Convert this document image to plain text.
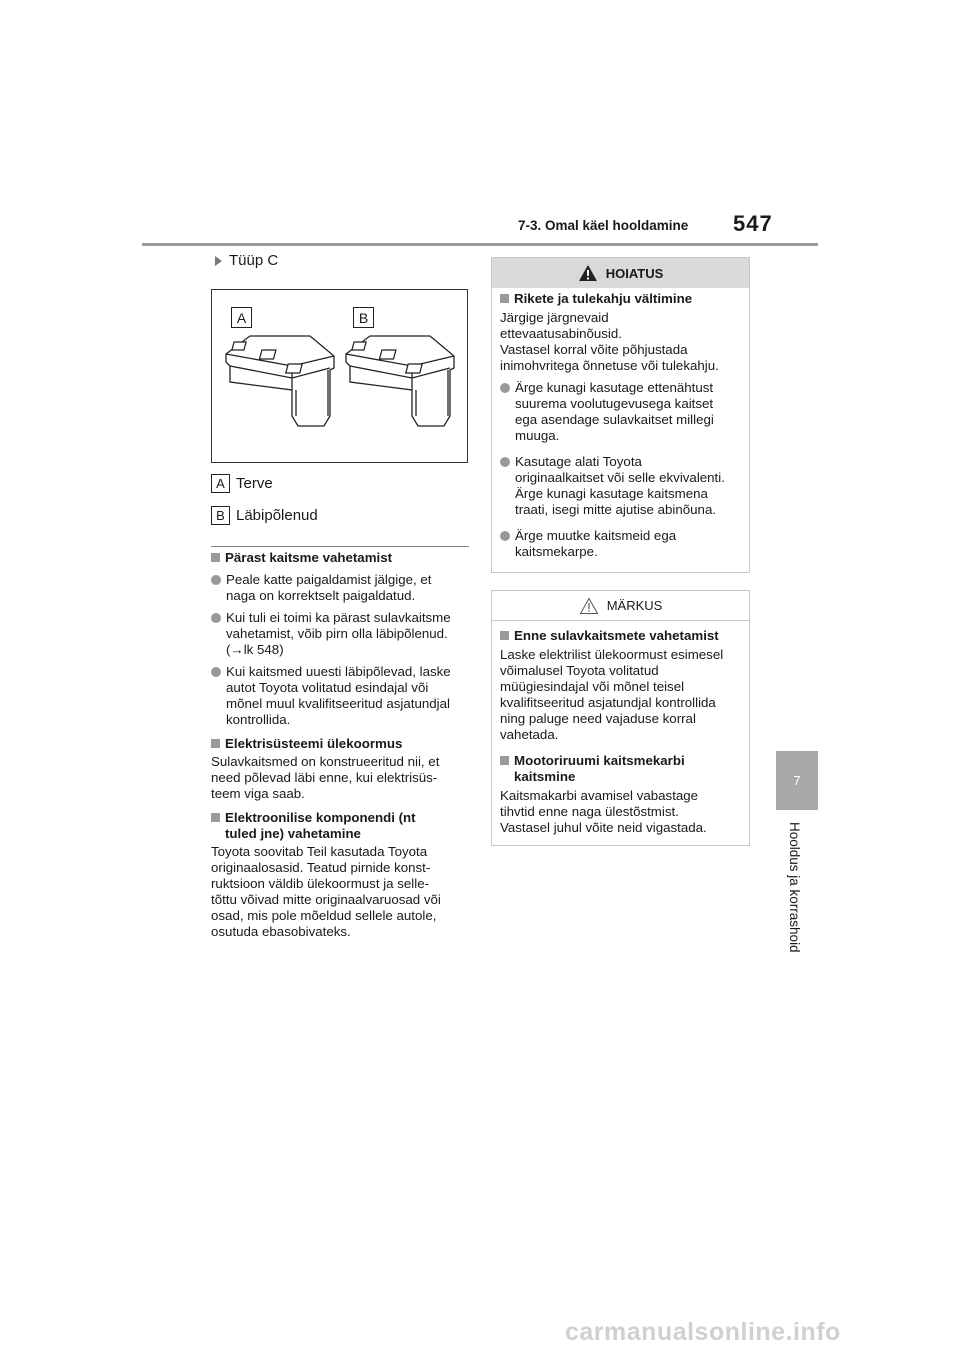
7-3. Omal käel hooldamine 547
7
Hooldus ja korrashoid
Tüüp C
A	B
A Terve
B Läbipõlenud
Pärast kaitsme vahetamist
Peale katte paigaldamist jälgige, et
naga on korrektselt paigaldatud.
Kui tuli ei toimi ka pärast sulavkaitsme
vahetamist, võib pirn olla läbipõlenud.
(→lk 548)
Kui kaitsmed uuesti läbipõlevad, laske
autot Toyota volitatud esindajal või
mõnel muul kvalifitseeritud asjatundjal
kontrollida.
Elektrisüsteemi ülekoormus
Sulavkaitsmed on konstrueeritud nii, et
need põlevad läbi enne, kui elektrisüs-
teem viga saab.
Elektroonilise komponendi (nt
tuled jne) vahetamine
Toyota soovitab Teil kasutada Toyota
originaalosasid. Teatud pirnide konst-
ruktsioon väldib ülekoormust ja selle-
tõttu võivad mitte originaalvaruosad või
osad, mis pole mõeldud sellele autole,
osutuda ebasobivateks.
HOIATUS
Rikete ja tulekahju vältimine
Järgige järgnevaid
ettevaatusabinõusid.
Vastasel korral võite põhjustada
inimohvritega õnnetuse või tulekahju.
Ärge kunagi kasutage ettenähtust
suurema voolutugevusega kaitset
ega asendage sulavkaitset millegi
muuga.
Kasutage alati Toyota
originaalkaitset või selle ekvivalenti.
Ärge kunagi kasutage kaitsmena
traati, isegi mitte ajutise abinõuna.
Ärge muutke kaitsmeid ega
kaitsmekarpe.
MÄRKUS
Enne sulavkaitsmete vahetamist
Laske elektrilist ülekoormust esimesel
võimalusel Toyota volitatud
müügiesindajal või mõnel teisel
kvalifitseeritud asjatundjal kontrollida
ning paluge need vajaduse korral
vahetada.
Mootoriruumi kaitsmekarbi
kaitsmine
Kaitsmakarbi avamisel vabastage
tihvtid enne naga ülestõstmist.
Vastasel juhul võite neid vigastada.
carmanualsonline.info
